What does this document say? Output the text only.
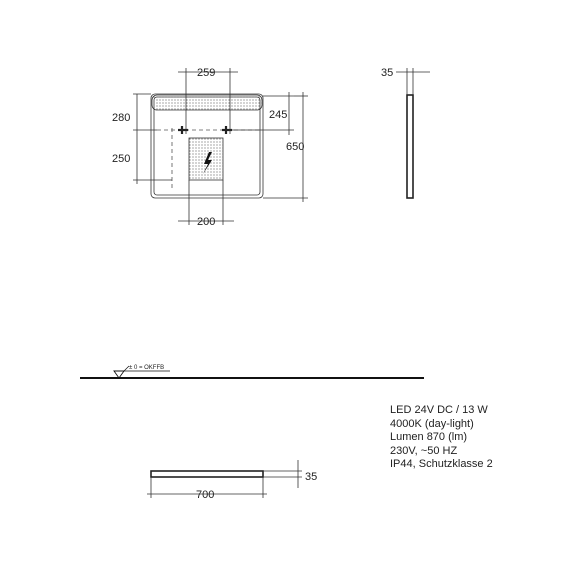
259
200
280
250
245
650
35
± 0 = OKFFB
700
35
LED 24V DC / 13 W
4000K (day-light)
Lumen 870 (lm)
230V, ~50 HZ
IP44, Schutzklasse 2
